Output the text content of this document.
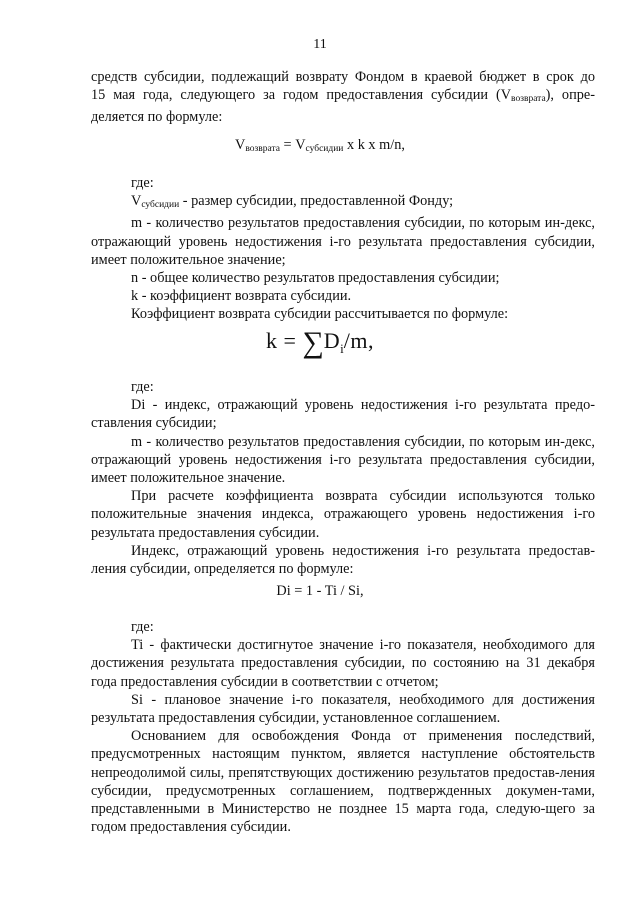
11

средств субсидии, подлежащий возврату Фондом в краевой бюджет в срок до

15 мая года, следующего за годом предоставления субсидии $(V_{возврата})$, опре-

деляется по формуле:

$V_{возврата} = V_{субсидии}$ x k x m/n,

где:

$V_{субсидии}$ - размер субсидии, предоставленной Фонду;

m - количество результатов предоставления субсидии, по которым ин-декс, отражающий уровень недостижения i-го результата предоставления субсидии, имеет положительное значение;

n - общее количество результатов предоставления субсидии;

k - коэффициент возврата субсидии.

Коэффициент возврата субсидии рассчитывается по формуле:

$k = \sum D_i/m$,

где:

Di - индекс, отражающий уровень недостижения i-го результата предо-ставления субсидии;

m - количество результатов предоставления субсидии, по которым ин-декс, отражающий уровень недостижения i-го результата предоставления субсидии, имеет положительное значение.

При расчете коэффициента возврата субсидии используются только положительные значения индекса, отражающего уровень недостижения i-го результата предоставления субсидии.

Индекс, отражающий уровень недостижения i-го результата предостав-ления субсидии, определяется по формуле:

Di = 1 - Ti / Si,

где:

Ti - фактически достигнутое значение i-го показателя, необходимого для достижения результата предоставления субсидии, по состоянию на 31 декабря года предоставления субсидии в соответствии с отчетом;

Si - плановое значение i-го показателя, необходимого для достижения результата предоставления субсидии, установленное соглашением.

Основанием для освобождения Фонда от применения последствий, предусмотренных настоящим пунктом, является наступление обстоятельств непреодолимой силы, препятствующих достижению результатов предостав-ления субсидии, предусмотренных соглашением, подтвержденных докумен-тами, представленными в Министерство не позднее 15 марта года, следую-щего за годом предоставления субсидии.
